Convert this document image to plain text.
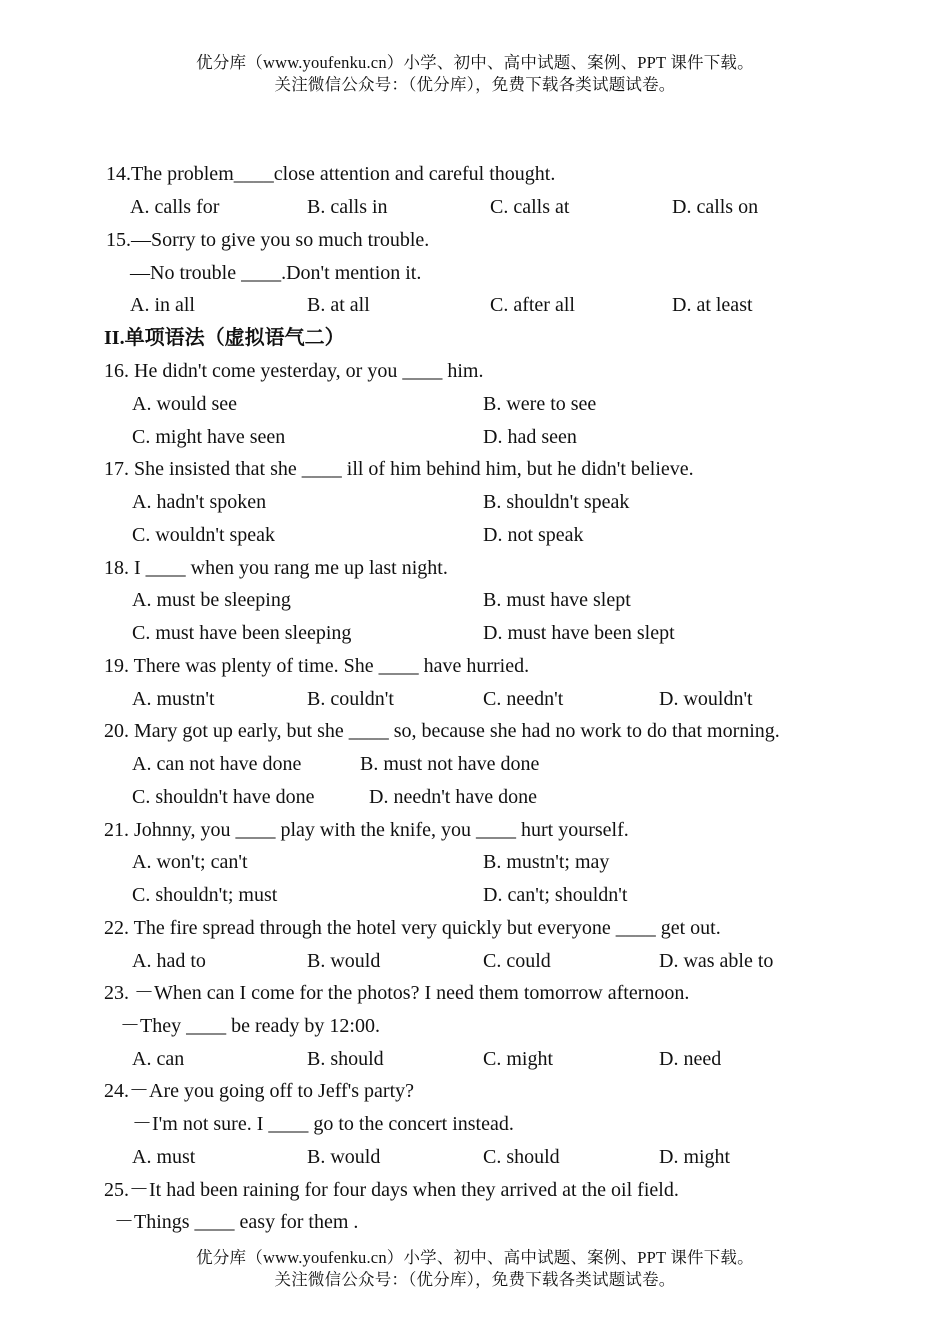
优分库（www.youfenku.cn）小学、初中、高中试题、案例、PPT 课件下载。
关注微信公众号：（优分库），免费下载各类试题试卷。
14.The problem____close attention and careful thought.
A. calls for	B. calls in	C. calls at	D. calls on
15.—Sorry to give you so much trouble.
—No trouble ____.Don't mention it.
A. in all	B. at all	C. after all	D. at least
II.单项语法（虚拟语气二）
16. He didn't come yesterday, or you ____ him.
A. would see	B. were to see
C. might have seen	D. had seen
17. She insisted that she ____ ill of him behind him, but he didn't believe.
A. hadn't spoken	B. shouldn't speak
C. wouldn't speak	D. not speak
18. I ____ when you rang me up last night.
A. must be sleeping	B. must have slept
C. must have been sleeping	D. must have been slept
19. There was plenty of time. She ____ have hurried.
A. mustn't	B. couldn't	C. needn't	D. wouldn't
20. Mary got up early, but she ____ so, because she had no work to do that morning.
A. can not have done	B. must not have done
C. shouldn't have done	D. needn't have done
21. Johnny, you ____ play with the knife, you ____ hurt yourself.
A. won't; can't	B. mustn't; may
C. shouldn't; must	D. can't; shouldn't
22. The fire spread through the hotel very quickly but everyone ____ get out.
A. had to	B. would	C. could	D. was able to
23. －When can I come for the photos? I need them tomorrow afternoon.
－They ____ be ready by 12:00.
A. can	B. should	C. might	D. need
24.－Are you going off to Jeff's party?
－I'm not sure. I ____ go to the concert instead.
A. must	B. would	C. should	D. might
25.－It had been raining for four days when they arrived at the oil field.
－Things ____ easy for them .
优分库（www.youfenku.cn）小学、初中、高中试题、案例、PPT 课件下载。
关注微信公众号：（优分库），免费下载各类试题试卷。
